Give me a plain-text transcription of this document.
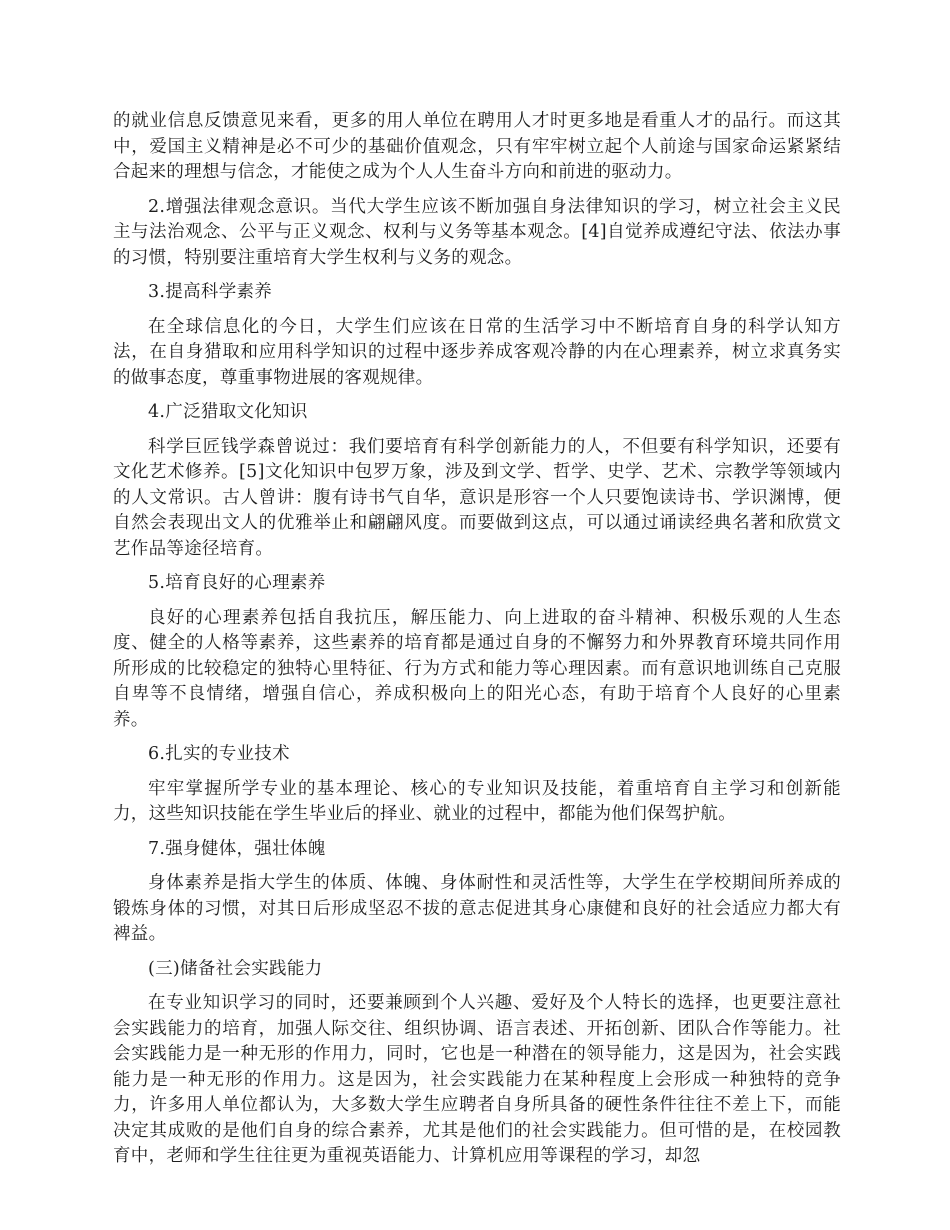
的就业信息反馈意见来看，更多的用人单位在聘用人才时更多地是看重人才的品行。而这其中，爱国主义精神是必不可少的基础价值观念，只有牢牢树立起个人前途与国家命运紧紧结合起来的理想与信念，才能使之成为个人人生奋斗方向和前进的驱动力。

2.增强法律观念意识。当代大学生应该不断加强自身法律知识的学习，树立社会主义民主与法治观念、公平与正义观念、权利与义务等基本观念。[4]自觉养成遵纪守法、依法办事的习惯，特别要注重培育大学生权利与义务的观念。

3.提高科学素养

在全球信息化的今日，大学生们应该在日常的生活学习中不断培育自身的科学认知方法，在自身猎取和应用科学知识的过程中逐步养成客观冷静的内在心理素养，树立求真务实的做事态度，尊重事物进展的客观规律。

4.广泛猎取文化知识

科学巨匠钱学森曾说过：我们要培育有科学创新能力的人，不但要有科学知识，还要有文化艺术修养。[5]文化知识中包罗万象，涉及到文学、哲学、史学、艺术、宗教学等领域内的人文常识。古人曾讲：腹有诗书气自华，意识是形容一个人只要饱读诗书、学识渊博，便自然会表现出文人的优雅举止和翩翩风度。而要做到这点，可以通过诵读经典名著和欣赏文艺作品等途径培育。

5.培育良好的心理素养

良好的心理素养包括自我抗压，解压能力、向上进取的奋斗精神、积极乐观的人生态度、健全的人格等素养，这些素养的培育都是通过自身的不懈努力和外界教育环境共同作用所形成的比较稳定的独特心里特征、行为方式和能力等心理因素。而有意识地训练自己克服自卑等不良情绪，增强自信心，养成积极向上的阳光心态，有助于培育个人良好的心里素养。

6.扎实的专业技术

牢牢掌握所学专业的基本理论、核心的专业知识及技能，着重培育自主学习和创新能力，这些知识技能在学生毕业后的择业、就业的过程中，都能为他们保驾护航。

7.强身健体，强壮体魄

身体素养是指大学生的体质、体魄、身体耐性和灵活性等，大学生在学校期间所养成的锻炼身体的习惯，对其日后形成坚忍不拔的意志促进其身心康健和良好的社会适应力都大有裨益。

(三)储备社会实践能力

在专业知识学习的同时，还要兼顾到个人兴趣、爱好及个人特长的选择，也更要注意社会实践能力的培育，加强人际交往、组织协调、语言表述、开拓创新、团队合作等能力。社会实践能力是一种无形的作用力，同时，它也是一种潜在的领导能力，这是因为，社会实践能力是一种无形的作用力。这是因为，社会实践能力在某种程度上会形成一种独特的竞争力，许多用人单位都认为，大多数大学生应聘者自身所具备的硬性条件往往不差上下，而能决定其成败的是他们自身的综合素养，尤其是他们的社会实践能力。但可惜的是，在校园教育中，老师和学生往往更为重视英语能力、计算机应用等课程的学习，却忽
